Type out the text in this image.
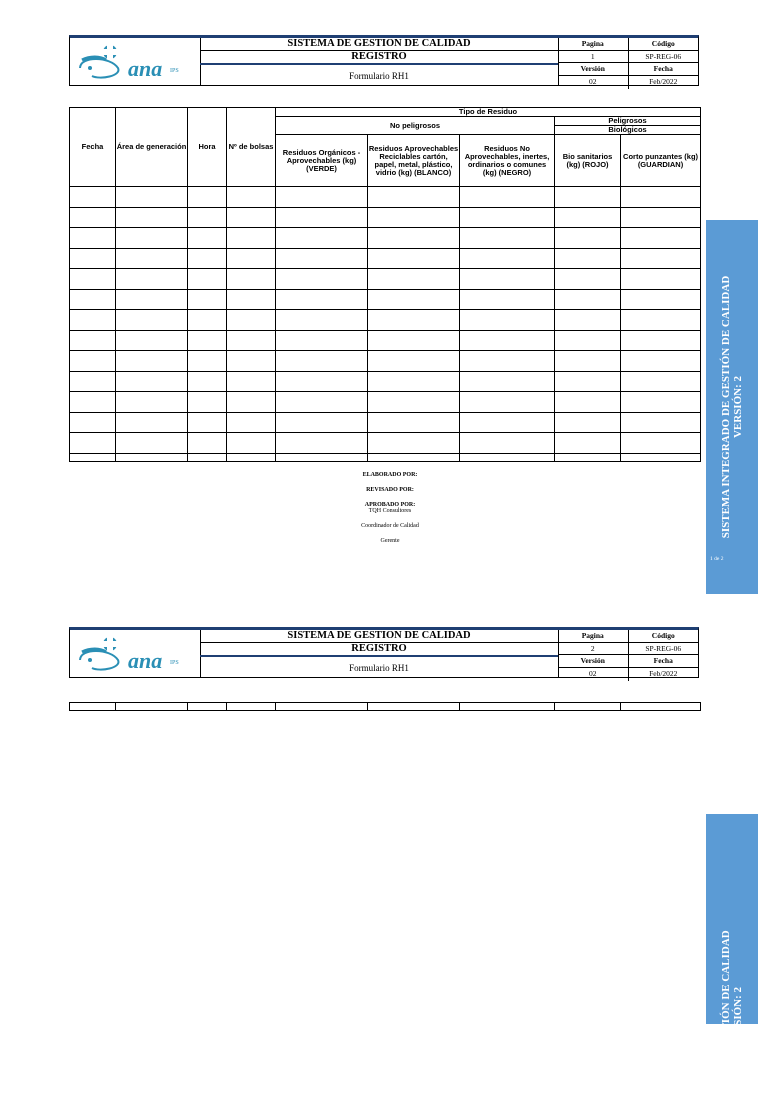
ana IPS
SISTEMA DE GESTION DE CALIDAD
REGISTRO
Formulario RH1
Pagina	Código
1	SP-REG-06
Versión	Fecha
02	Feb/2022
Fecha	Área de generación	Hora	Nº de bolsas	Tipo de Residuo				
				No peligrosos			Peligrosos	
							Biológicos	
				Residuos Orgánicos - Aprovechables (kg) (VERDE)	Residuos Aprovechables Reciclables cartón, papel, metal, plástico, vidrio (kg) (BLANCO)	Residuos No Aprovechables, inertes, ordinarios o comunes (kg) (NEGRO)	Bio sanitarios (kg) (ROJO)	Corto punzantes (kg) (GUARDIAN)

ELABORADO POR:
REVISADO POR:
APROBADO POR:
TQH Consultores
Coordinador de Calidad
Gerente
SISTEMA INTEGRADO DE GESTIÓN DE CALIDAD VERSIÓN: 2
1 de 2
ana IPS
SISTEMA DE GESTION DE CALIDAD
REGISTRO
Formulario RH1
Pagina	Código
2	SP-REG-06
Versión	Fecha
02	Feb/2022

RADO DE GESTIÓN DE CALIDAD VERSIÓN: 2
